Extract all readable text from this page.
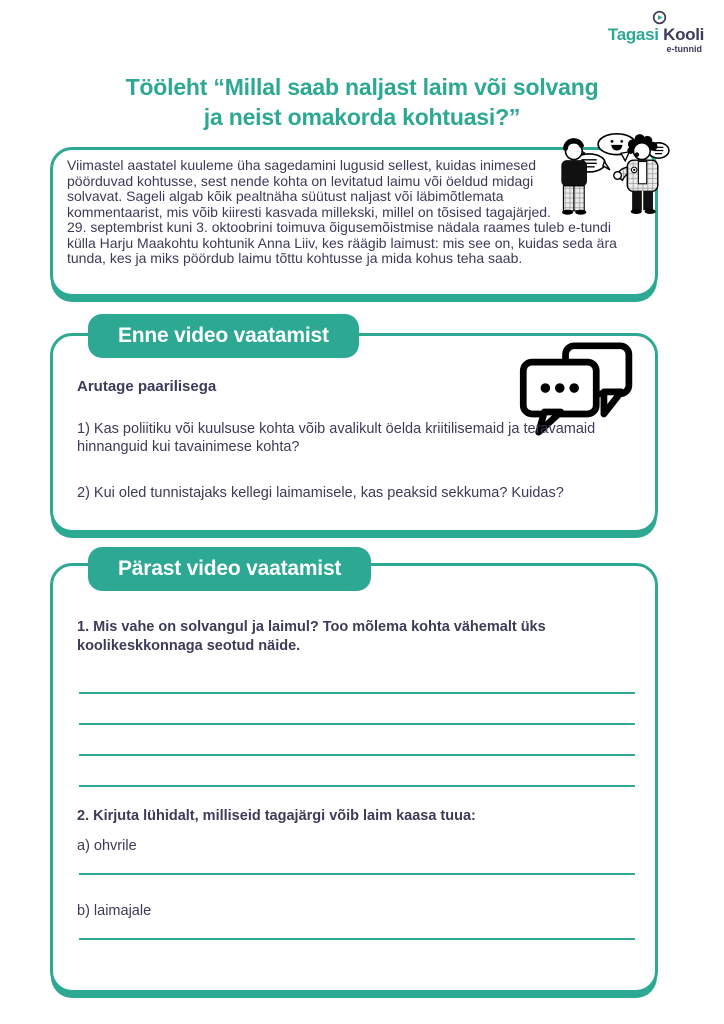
Tagasi Kooli
e-tunnid
Tööleht “Millal saab naljast laim või solvang
ja neist omakorda kohtuasi?”

Viimastel aastatel kuuleme üha sagedamini lugusid sellest, kuidas inimesed pöörduvad kohtusse, sest nende kohta on levitatud laimu või öeldud midagi solvavat. Sageli algab kõik pealtnäha süütust naljast või läbimõtlemata kommentaarist, mis võib kiiresti kasvada millekski, millel on tõsised tagajärjed.

29. septembrist kuni 3. oktoobrini toimuva õigusemõistmise nädala raames tuleb e-tundi külla Harju Maakohtu kohtunik Anna Liiv, kes räägib laimust: mis see on, kuidas seda ära tunda, kes ja miks pöördub laimu tõttu kohtusse ja mida kohus teha saab.

Enne video vaatamist
Arutage paarilisega
1) Kas poliitiku või kuulsuse kohta võib avalikult öelda kriitilisemaid ja teravamaid hinnanguid kui tavainimese kohta?
2) Kui oled tunnistajaks kellegi laimamisele, kas peaksid sekkuma? Kuidas?
Pärast video vaatamist
1. Mis vahe on solvangul ja laimul? Too mõlema kohta vähemalt üks koolikeskkonnaga seotud näide.
2. Kirjuta lühidalt, milliseid tagajärgi võib laim kaasa tuua:
a) ohvrile
b) laimajale
